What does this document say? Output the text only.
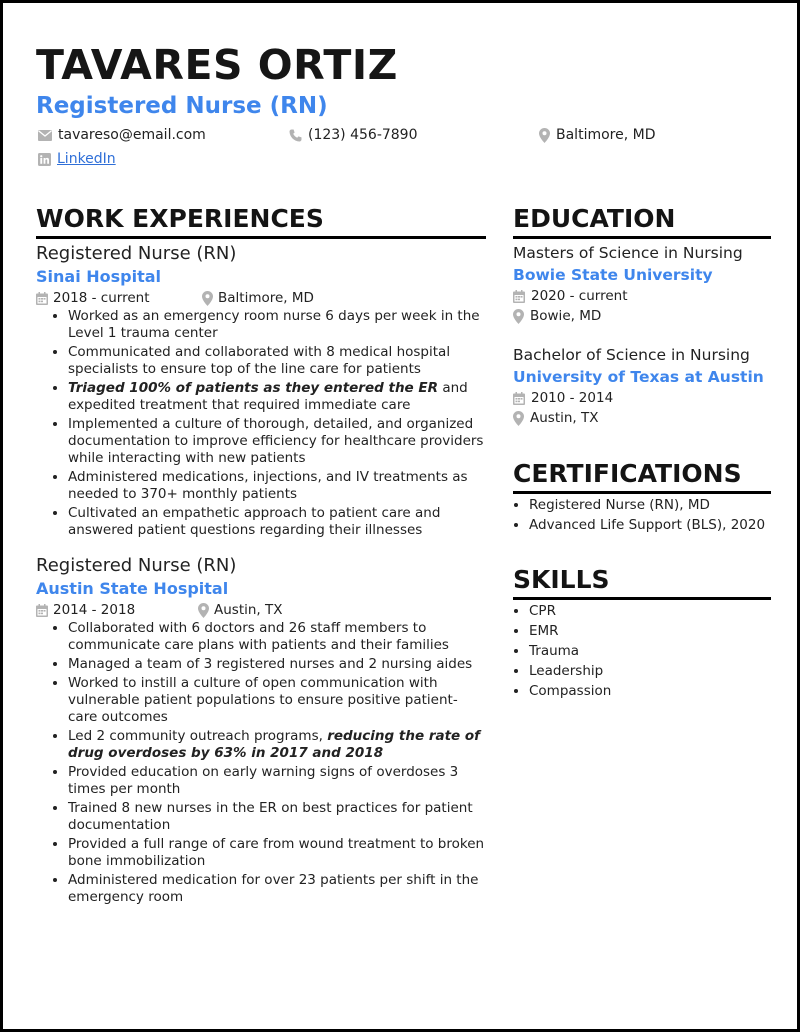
TAVARES ORTIZ
Registered Nurse (RN)
tavareso@email.com	(123) 456-7890	Baltimore, MD
LinkedIn
WORK EXPERIENCES
Registered Nurse (RN)
Sinai Hospital
2018 - current	Baltimore, MD
• Worked as an emergency room nurse 6 days per week in the Level 1 trauma center
• Communicated and collaborated with 8 medical hospital specialists to ensure top of the line care for patients
• Triaged 100% of patients as they entered the ER and expedited treatment that required immediate care
• Implemented a culture of thorough, detailed, and organized documentation to improve efficiency for healthcare providers while interacting with new patients
• Administered medications, injections, and IV treatments as needed to 370+ monthly patients
• Cultivated an empathetic approach to patient care and answered patient questions regarding their illnesses
Registered Nurse (RN)
Austin State Hospital
2014 - 2018	Austin, TX
• Collaborated with 6 doctors and 26 staff members to communicate care plans with patients and their families
• Managed a team of 3 registered nurses and 2 nursing aides
• Worked to instill a culture of open communication with vulnerable patient populations to ensure positive patient-care outcomes
• Led 2 community outreach programs, reducing the rate of drug overdoses by 63% in 2017 and 2018
• Provided education on early warning signs of overdoses 3 times per month
• Trained 8 new nurses in the ER on best practices for patient documentation
• Provided a full range of care from wound treatment to broken bone immobilization
• Administered medication for over 23 patients per shift in the emergency room
EDUCATION
Masters of Science in Nursing
Bowie State University
2020 - current
Bowie, MD
Bachelor of Science in Nursing
University of Texas at Austin
2010 - 2014
Austin, TX
CERTIFICATIONS
• Registered Nurse (RN), MD
• Advanced Life Support (BLS), 2020
SKILLS
• CPR
• EMR
• Trauma
• Leadership
• Compassion
